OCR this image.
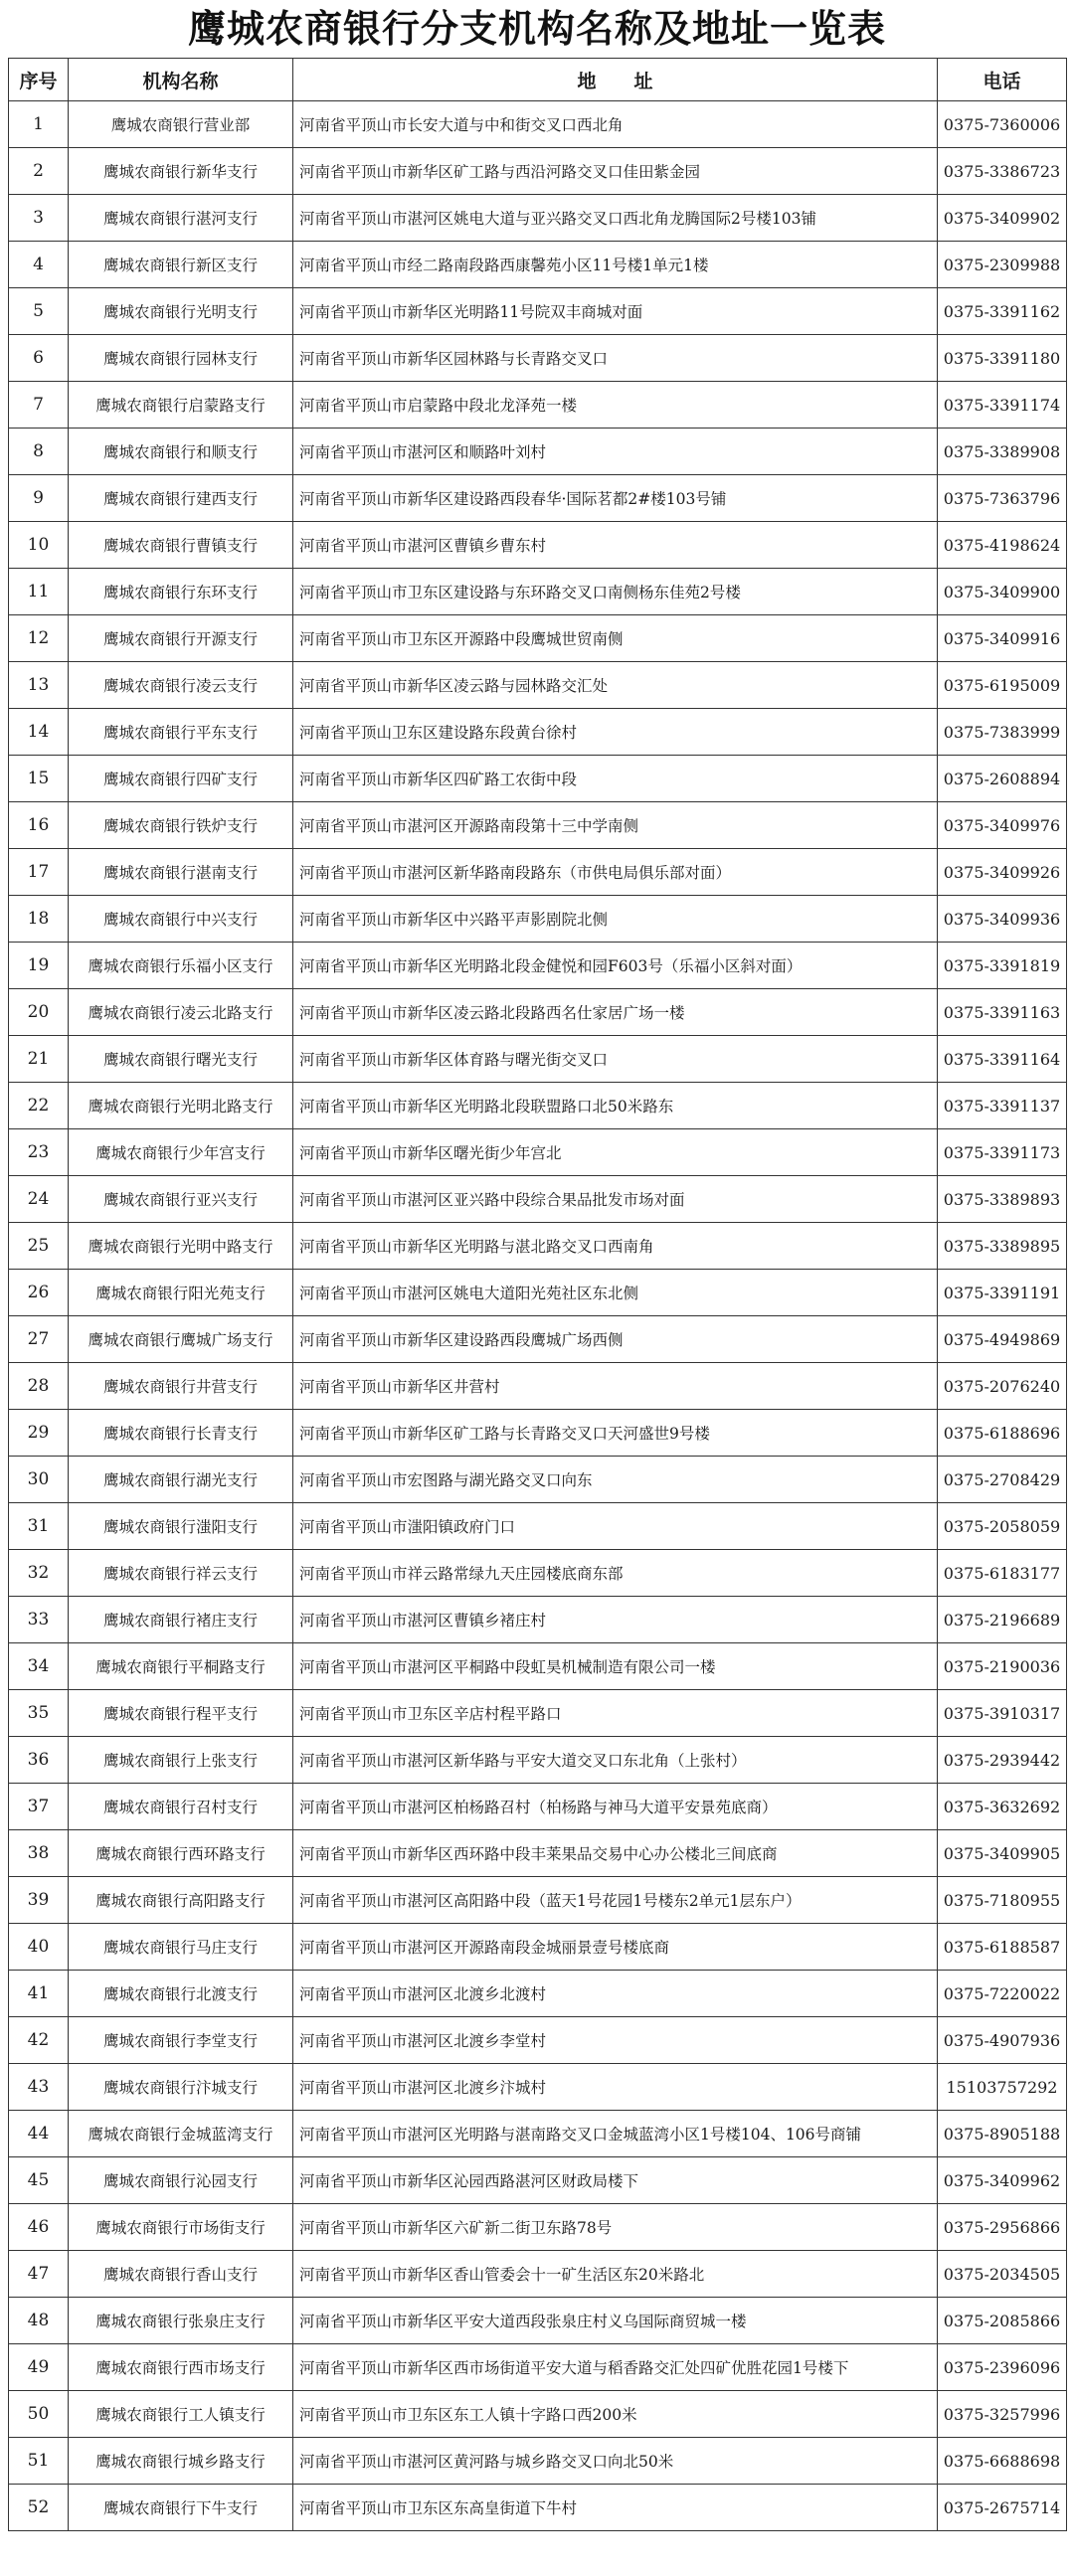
鹰城农商银行分支机构名称及地址一览表
序号	机构名称	地　　址	电话
1	鹰城农商银行营业部	河南省平顶山市长安大道与中和街交叉口西北角	0375-7360006
2	鹰城农商银行新华支行	河南省平顶山市新华区矿工路与西沿河路交叉口佳田紫金园	0375-3386723
3	鹰城农商银行湛河支行	河南省平顶山市湛河区姚电大道与亚兴路交叉口西北角龙腾国际2号楼103铺	0375-3409902
4	鹰城农商银行新区支行	河南省平顶山市经二路南段路西康馨苑小区11号楼1单元1楼	0375-2309988
5	鹰城农商银行光明支行	河南省平顶山市新华区光明路11号院双丰商城对面	0375-3391162
6	鹰城农商银行园林支行	河南省平顶山市新华区园林路与长青路交叉口	0375-3391180
7	鹰城农商银行启蒙路支行	河南省平顶山市启蒙路中段北龙泽苑一楼	0375-3391174
8	鹰城农商银行和顺支行	河南省平顶山市湛河区和顺路叶刘村	0375-3389908
9	鹰城农商银行建西支行	河南省平顶山市新华区建设路西段春华·国际茗都2#楼103号铺	0375-7363796
10	鹰城农商银行曹镇支行	河南省平顶山市湛河区曹镇乡曹东村	0375-4198624
11	鹰城农商银行东环支行	河南省平顶山市卫东区建设路与东环路交叉口南侧杨东佳苑2号楼	0375-3409900
12	鹰城农商银行开源支行	河南省平顶山市卫东区开源路中段鹰城世贸南侧	0375-3409916
13	鹰城农商银行凌云支行	河南省平顶山市新华区凌云路与园林路交汇处	0375-6195009
14	鹰城农商银行平东支行	河南省平顶山卫东区建设路东段黄台徐村	0375-7383999
15	鹰城农商银行四矿支行	河南省平顶山市新华区四矿路工农街中段	0375-2608894
16	鹰城农商银行铁炉支行	河南省平顶山市湛河区开源路南段第十三中学南侧	0375-3409976
17	鹰城农商银行湛南支行	河南省平顶山市湛河区新华路南段路东（市供电局俱乐部对面）	0375-3409926
18	鹰城农商银行中兴支行	河南省平顶山市新华区中兴路平声影剧院北侧	0375-3409936
19	鹰城农商银行乐福小区支行	河南省平顶山市新华区光明路北段金健悦和园F603号（乐福小区斜对面）	0375-3391819
20	鹰城农商银行凌云北路支行	河南省平顶山市新华区凌云路北段路西名仕家居广场一楼	0375-3391163
21	鹰城农商银行曙光支行	河南省平顶山市新华区体育路与曙光街交叉口	0375-3391164
22	鹰城农商银行光明北路支行	河南省平顶山市新华区光明路北段联盟路口北50米路东	0375-3391137
23	鹰城农商银行少年宫支行	河南省平顶山市新华区曙光街少年宫北	0375-3391173
24	鹰城农商银行亚兴支行	河南省平顶山市湛河区亚兴路中段综合果品批发市场对面	0375-3389893
25	鹰城农商银行光明中路支行	河南省平顶山市新华区光明路与湛北路交叉口西南角	0375-3389895
26	鹰城农商银行阳光苑支行	河南省平顶山市湛河区姚电大道阳光苑社区东北侧	0375-3391191
27	鹰城农商银行鹰城广场支行	河南省平顶山市新华区建设路西段鹰城广场西侧	0375-4949869
28	鹰城农商银行井营支行	河南省平顶山市新华区井营村	0375-2076240
29	鹰城农商银行长青支行	河南省平顶山市新华区矿工路与长青路交叉口天河盛世9号楼	0375-6188696
30	鹰城农商银行湖光支行	河南省平顶山市宏图路与湖光路交叉口向东	0375-2708429
31	鹰城农商银行滍阳支行	河南省平顶山市滍阳镇政府门口	0375-2058059
32	鹰城农商银行祥云支行	河南省平顶山市祥云路常绿九天庄园楼底商东部	0375-6183177
33	鹰城农商银行褚庄支行	河南省平顶山市湛河区曹镇乡褚庄村	0375-2196689
34	鹰城农商银行平桐路支行	河南省平顶山市湛河区平桐路中段虹昊机械制造有限公司一楼	0375-2190036
35	鹰城农商银行程平支行	河南省平顶山市卫东区辛店村程平路口	0375-3910317
36	鹰城农商银行上张支行	河南省平顶山市湛河区新华路与平安大道交叉口东北角（上张村）	0375-2939442
37	鹰城农商银行召村支行	河南省平顶山市湛河区柏杨路召村（柏杨路与神马大道平安景苑底商）	0375-3632692
38	鹰城农商银行西环路支行	河南省平顶山市新华区西环路中段丰莱果品交易中心办公楼北三间底商	0375-3409905
39	鹰城农商银行高阳路支行	河南省平顶山市湛河区高阳路中段（蓝天1号花园1号楼东2单元1层东户）	0375-7180955
40	鹰城农商银行马庄支行	河南省平顶山市湛河区开源路南段金城丽景壹号楼底商	0375-6188587
41	鹰城农商银行北渡支行	河南省平顶山市湛河区北渡乡北渡村	0375-7220022
42	鹰城农商银行李堂支行	河南省平顶山市湛河区北渡乡李堂村	0375-4907936
43	鹰城农商银行汴城支行	河南省平顶山市湛河区北渡乡汴城村	15103757292
44	鹰城农商银行金城蓝湾支行	河南省平顶山市湛河区光明路与湛南路交叉口金城蓝湾小区1号楼104、106号商铺	0375-8905188
45	鹰城农商银行沁园支行	河南省平顶山市新华区沁园西路湛河区财政局楼下	0375-3409962
46	鹰城农商银行市场街支行	河南省平顶山市新华区六矿新二街卫东路78号	0375-2956866
47	鹰城农商银行香山支行	河南省平顶山市新华区香山管委会十一矿生活区东20米路北	0375-2034505
48	鹰城农商银行张泉庄支行	河南省平顶山市新华区平安大道西段张泉庄村义乌国际商贸城一楼	0375-2085866
49	鹰城农商银行西市场支行	河南省平顶山市新华区西市场街道平安大道与稻香路交汇处四矿优胜花园1号楼下	0375-2396096
50	鹰城农商银行工人镇支行	河南省平顶山市卫东区东工人镇十字路口西200米	0375-3257996
51	鹰城农商银行城乡路支行	河南省平顶山市湛河区黄河路与城乡路交叉口向北50米	0375-6688698
52	鹰城农商银行下牛支行	河南省平顶山市卫东区东高皇街道下牛村	0375-2675714
